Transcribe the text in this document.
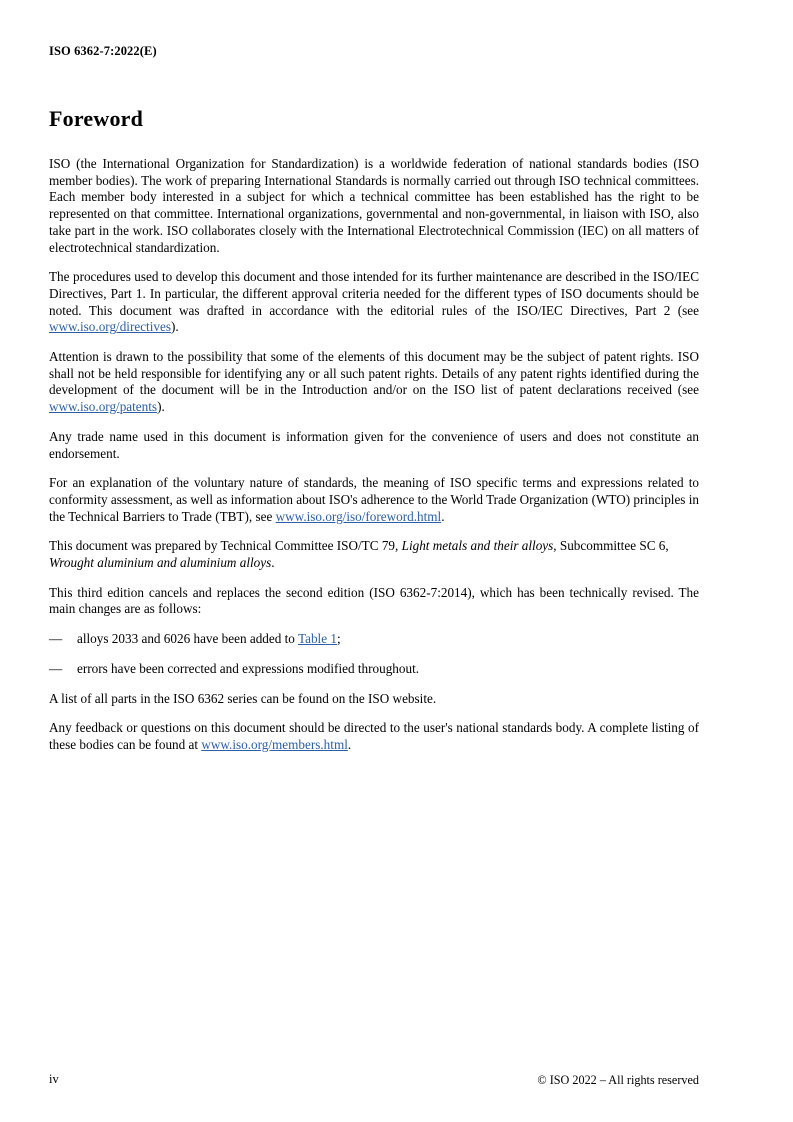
ISO 6362-7:2022(E)
Foreword

ISO (the International Organization for Standardization) is a worldwide federation of national standards bodies (ISO member bodies). The work of preparing International Standards is normally carried out through ISO technical committees. Each member body interested in a subject for which a technical committee has been established has the right to be represented on that committee. International organizations, governmental and non-governmental, in liaison with ISO, also take part in the work. ISO collaborates closely with the International Electrotechnical Commission (IEC) on all matters of electrotechnical standardization.

The procedures used to develop this document and those intended for its further maintenance are described in the ISO/IEC Directives, Part 1. In particular, the different approval criteria needed for the different types of ISO documents should be noted. This document was drafted in accordance with the editorial rules of the ISO/IEC Directives, Part 2 (see www.iso.org/directives).

Attention is drawn to the possibility that some of the elements of this document may be the subject of patent rights. ISO shall not be held responsible for identifying any or all such patent rights. Details of any patent rights identified during the development of the document will be in the Introduction and/or on the ISO list of patent declarations received (see www.iso.org/patents).

Any trade name used in this document is information given for the convenience of users and does not constitute an endorsement.

For an explanation of the voluntary nature of standards, the meaning of ISO specific terms and expressions related to conformity assessment, as well as information about ISO's adherence to the World Trade Organization (WTO) principles in the Technical Barriers to Trade (TBT), see www.iso.org/iso/foreword.html.

This document was prepared by Technical Committee ISO/TC 79, Light metals and their alloys, Subcommittee SC 6, Wrought aluminium and aluminium alloys.

This third edition cancels and replaces the second edition (ISO 6362-7:2014), which has been technically revised. The main changes are as follows:

—	alloys 2033 and 6026 have been added to Table 1;
—	errors have been corrected and expressions modified throughout.

A list of all parts in the ISO 6362 series can be found on the ISO website.

Any feedback or questions on this document should be directed to the user's national standards body. A complete listing of these bodies can be found at www.iso.org/members.html.

iv	© ISO 2022 – All rights reserved
